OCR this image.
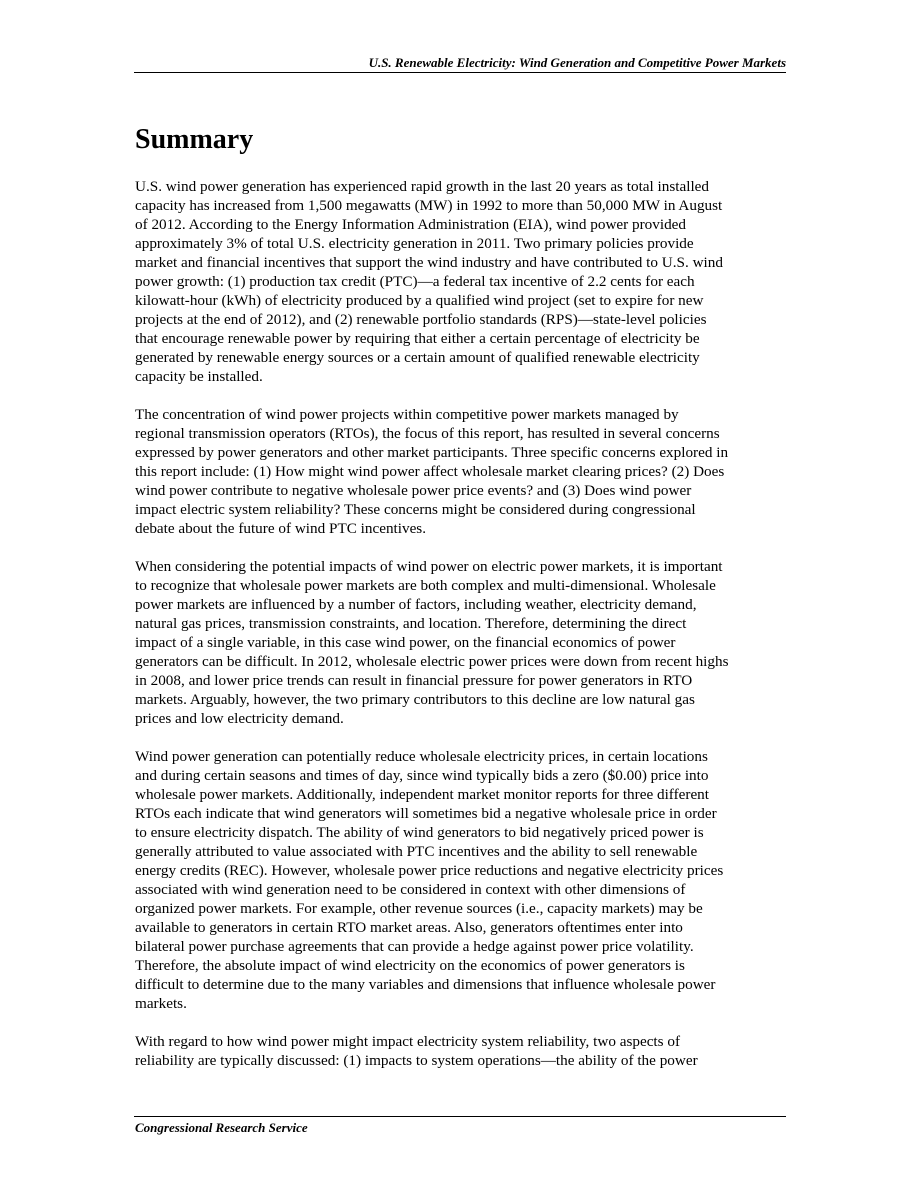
U.S. Renewable Electricity: Wind Generation and Competitive Power Markets
Summary

U.S. wind power generation has experienced rapid growth in the last 20 years as total installed
capacity has increased from 1,500 megawatts (MW) in 1992 to more than 50,000 MW in August
of 2012. According to the Energy Information Administration (EIA), wind power provided
approximately 3% of total U.S. electricity generation in 2011. Two primary policies provide
market and financial incentives that support the wind industry and have contributed to U.S. wind
power growth: (1) production tax credit (PTC)—a federal tax incentive of 2.2 cents for each
kilowatt-hour (kWh) of electricity produced by a qualified wind project (set to expire for new
projects at the end of 2012), and (2) renewable portfolio standards (RPS)—state-level policies
that encourage renewable power by requiring that either a certain percentage of electricity be
generated by renewable energy sources or a certain amount of qualified renewable electricity
capacity be installed.

The concentration of wind power projects within competitive power markets managed by
regional transmission operators (RTOs), the focus of this report, has resulted in several concerns
expressed by power generators and other market participants. Three specific concerns explored in
this report include: (1) How might wind power affect wholesale market clearing prices? (2) Does
wind power contribute to negative wholesale power price events? and (3) Does wind power
impact electric system reliability? These concerns might be considered during congressional
debate about the future of wind PTC incentives.

When considering the potential impacts of wind power on electric power markets, it is important
to recognize that wholesale power markets are both complex and multi-dimensional. Wholesale
power markets are influenced by a number of factors, including weather, electricity demand,
natural gas prices, transmission constraints, and location. Therefore, determining the direct
impact of a single variable, in this case wind power, on the financial economics of power
generators can be difficult. In 2012, wholesale electric power prices were down from recent highs
in 2008, and lower price trends can result in financial pressure for power generators in RTO
markets. Arguably, however, the two primary contributors to this decline are low natural gas
prices and low electricity demand.

Wind power generation can potentially reduce wholesale electricity prices, in certain locations
and during certain seasons and times of day, since wind typically bids a zero ($0.00) price into
wholesale power markets. Additionally, independent market monitor reports for three different
RTOs each indicate that wind generators will sometimes bid a negative wholesale price in order
to ensure electricity dispatch. The ability of wind generators to bid negatively priced power is
generally attributed to value associated with PTC incentives and the ability to sell renewable
energy credits (REC). However, wholesale power price reductions and negative electricity prices
associated with wind generation need to be considered in context with other dimensions of
organized power markets. For example, other revenue sources (i.e., capacity markets) may be
available to generators in certain RTO market areas. Also, generators oftentimes enter into
bilateral power purchase agreements that can provide a hedge against power price volatility.
Therefore, the absolute impact of wind electricity on the economics of power generators is
difficult to determine due to the many variables and dimensions that influence wholesale power
markets.

With regard to how wind power might impact electricity system reliability, two aspects of
reliability are typically discussed: (1) impacts to system operations—the ability of the power

Congressional Research Service
